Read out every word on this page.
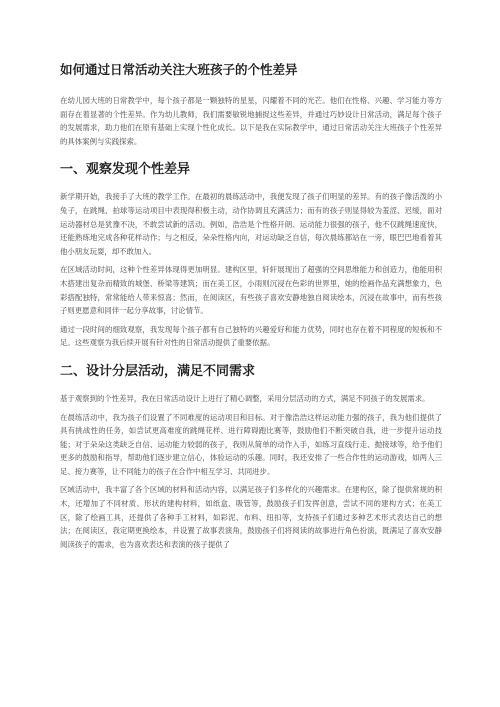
如何通过日常活动关注大班孩子的个性差异

在幼儿园大班的日常教学中，每个孩子都是一颗独特的星星，闪耀着不同的光芒。他们在性格、兴趣、学习能力等方面存在着显著的个性差异。作为幼儿教师，我们需要敏锐地捕捉这些差异，并通过巧妙设计日常活动，满足每个孩子的发展需求，助力他们在原有基础上实现个性化成长。以下是我在实际教学中，通过日常活动关注大班孩子个性差异的具体案例与实践探索。

一、观察发现个性差异

新学期开始，我接手了大班的教学工作。在最初的晨练活动中，我便发现了孩子们明显的差异。有的孩子像活泼的小兔子，在跳绳、拍球等运动项目中表现得积极主动，动作协调且充满活力；而有的孩子则显得较为羞涩、迟缓，面对运动器材总是犹豫不决，不敢尝试新的活动。例如，浩浩是个性格开朗、运动能力很强的孩子，他不仅跳绳速度快，还能熟练地完成各种花样动作；与之相反，朵朵性格内向，对运动缺乏自信，每次晨练都站在一旁，眼巴巴地看着其他小朋友玩耍，却不敢加入。

在区域活动时间，这种个性差异体现得更加明显。建构区里，轩轩展现出了超强的空间思维能力和创造力，他能用积木搭建出复杂而精致的城堡、桥梁等建筑；而在美工区，小雨则沉浸在色彩的世界里，她的绘画作品充满想象力，色彩搭配独特，常常能给人带来惊喜；然而，在阅读区，有些孩子喜欢安静地独自阅读绘本，沉浸在故事中，而有些孩子则更愿意和同伴一起分享故事，讨论情节。

通过一段时间的细致观察，我发现每个孩子都有自己独特的兴趣爱好和能力优势，同时也存在着不同程度的短板和不足。这些观察为我后续开展有针对性的日常活动提供了重要依据。

二、设计分层活动，满足不同需求

基于观察到的个性差异，我在日常活动设计上进行了精心调整，采用分层活动的方式，满足不同孩子的发展需求。

在晨练活动中，我为孩子们设置了不同难度的运动项目和目标。对于像浩浩这样运动能力强的孩子，我为他们提供了具有挑战性的任务，如尝试更高难度的跳绳花样、进行障碍跑比赛等，鼓励他们不断突破自我，进一步提升运动技能；对于朵朵这类缺乏自信、运动能力较弱的孩子，我则从简单的动作入手，如练习直线行走、抛接球等，给予他们更多的鼓励和指导，帮助他们逐步建立信心，体验运动的乐趣。同时，我还安排了一些合作性的运动游戏，如两人三足、接力赛等，让不同能力的孩子在合作中相互学习、共同进步。

区域活动中，我丰富了各个区域的材料和活动内容，以满足孩子们多样化的兴趣需求。在建构区，除了提供常规的积木，还增加了不同材质、形状的建构材料，如纸盒、吸管等，鼓励孩子们发挥创意，尝试不同的建构方式；在美工区，除了绘画工具，还提供了各种手工材料，如彩泥、布料、纽扣等，支持孩子们通过多种艺术形式表达自己的想法；在阅读区，我定期更换绘本，并设置了故事表演角，鼓励孩子们将阅读的故事进行角色扮演，既满足了喜欢安静阅读孩子的需求，也为喜欢表达和表演的孩子提供了
